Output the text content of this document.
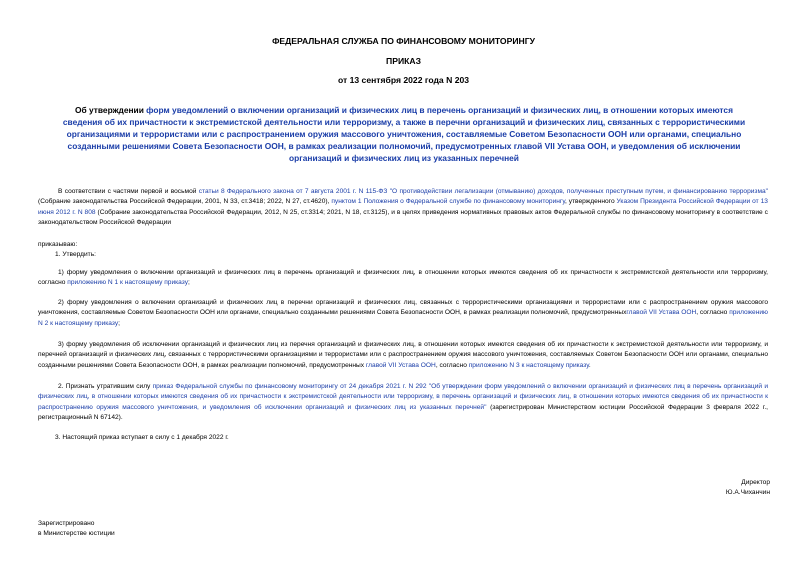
ФЕДЕРАЛЬНАЯ СЛУЖБА ПО ФИНАНСОВОМУ МОНИТОРИНГУ
ПРИКАЗ
от 13 сентября 2022 года N 203
Об утверждении форм уведомлений о включении организаций и физических лиц в перечень организаций и физических лиц, в отношении которых имеются сведения об их причастности к экстремистской деятельности или терроризму, а также в перечни организаций и физических лиц, связанных с террористическими организациями и террористами или с распространением оружия массового уничтожения, составляемые Советом Безопасности ООН или органами, специально созданными решениями Совета Безопасности ООН, в рамках реализации полномочий, предусмотренных главой VII Устава ООН, и уведомления об исключении организаций и физических лиц из указанных перечней
В соответствии с частями первой и восьмой статьи 8 Федерального закона от 7 августа 2001 г. N 115-ФЗ "О противодействии легализации (отмыванию) доходов, полученных преступным путем, и финансированию терроризма" (Собрание законодательства Российской Федерации, 2001, N 33, ст.3418; 2022, N 27, ст.4620), пунктом 1 Положения о Федеральной службе по финансовому мониторингу, утвержденного Указом Президента Российской Федерации от 13 июня 2012 г. N 808 (Собрание законодательства Российской Федерации, 2012, N 25, ст.3314; 2021, N 18, ст.3125), и в целях приведения нормативных правовых актов Федеральной службы по финансовому мониторингу в соответствие с законодательством Российской Федерации
приказываю:
1. Утвердить:
1) форму уведомления о включении организаций и физических лиц в перечень организаций и физических лиц, в отношении которых имеются сведения об их причастности к экстремистской деятельности или терроризму, согласно приложению N 1 к настоящему приказу;
2) форму уведомления о включении организаций и физических лиц в перечни организаций и физических лиц, связанных с террористическими организациями и террористами или с распространением оружия массового уничтожения, составляемые Советом Безопасности ООН или органами, специально созданными решениями Совета Безопасности ООН, в рамках реализации полномочий, предусмотренныхглавой VII Устава ООН, согласно приложению N 2 к настоящему приказу;
3) форму уведомления об исключении организаций и физических лиц из перечня организаций и физических лиц, в отношении которых имеются сведения об их причастности к экстремистской деятельности или терроризму, и перечней организаций и физических лиц, связанных с террористическими организациями и террористами или с распространением оружия массового уничтожения, составляемых Советом Безопасности ООН или органами, специально созданными решениями Совета Безопасности ООН, в рамках реализации полномочий, предусмотренных главой VII Устава ООН, согласно приложению N 3 к настоящему приказу.
2. Признать утратившим силу приказ Федеральной службы по финансовому мониторингу от 24 декабря 2021 г. N 292 "Об утверждении форм уведомлений о включении организаций и физических лиц в перечень организаций и физических лиц, в отношении которых имеются сведения об их причастности к экстремистской деятельности или терроризму, в перечень организаций и физических лиц, в отношении которых имеются сведения об их причастности к распространению оружия массового уничтожения, и уведомления об исключении организаций и физических лиц из указанных перечней" (зарегистрирован Министерством юстиции Российской Федерации 3 февраля 2022 г., регистрационный N 67142).
3. Настоящий приказ вступает в силу с 1 декабря 2022 г.
Директор
Ю.А.Чиханчин
Зарегистрировано
в Министерстве юстиции
